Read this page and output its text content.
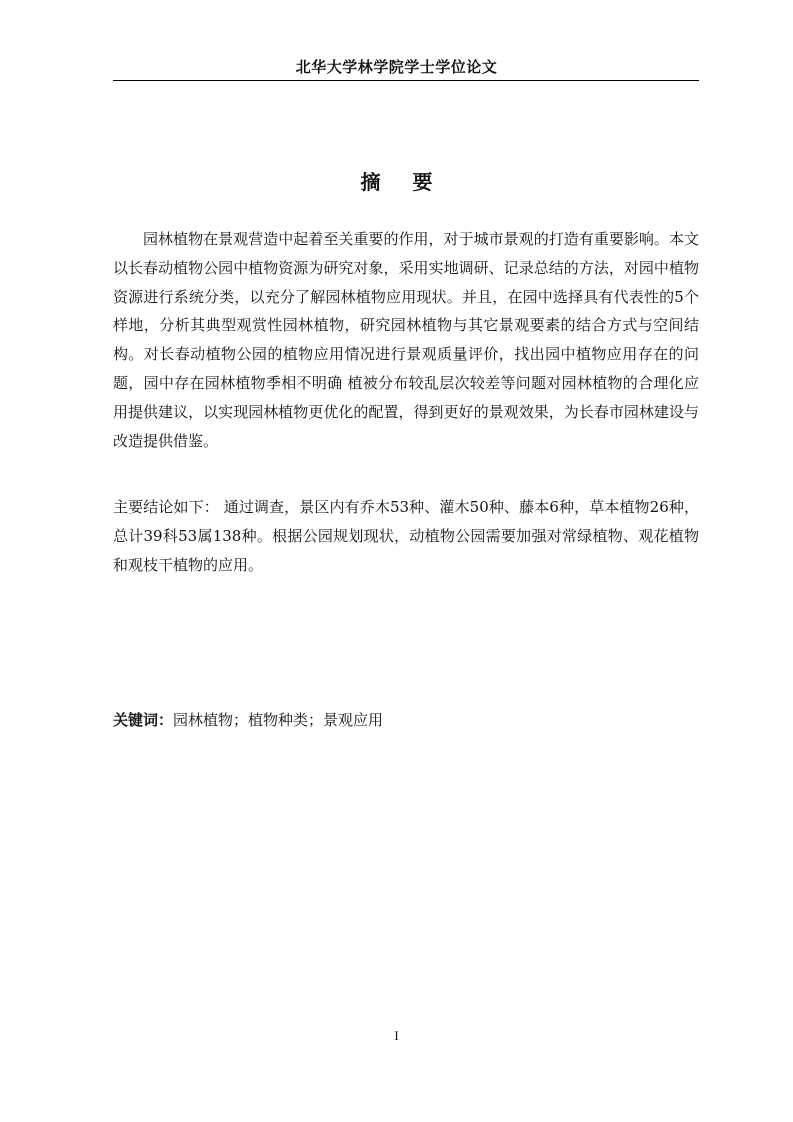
北华大学林学院学士学位论文
摘 要

园林植物在景观营造中起着至关重要的作用，对于城市景观的打造有重要影响。本文以长春动植物公园中植物资源为研究对象，采用实地调研、记录总结的方法，对园中植物资源进行系统分类，以充分了解园林植物应用现状。并且，在园中选择具有代表性的5个样地，分析其典型观赏性园林植物，研究园林植物与其它景观要素的结合方式与空间结构。对长春动植物公园的植物应用情况进行景观质量评价，找出园中植物应用存在的问题，园中存在园林植物季相不明确 植被分布较乱层次较差等问题对园林植物的合理化应用提供建议，以实现园林植物更优化的配置，得到更好的景观效果，为长春市园林建设与改造提供借鉴。

主要结论如下： 通过调查，景区内有乔木53种、灌木50种、藤本6种，草本植物26种，总计39科53属138种。根据公园规划现状，动植物公园需要加强对常绿植物、观花植物和观枝干植物的应用。

关键词：园林植物；植物种类；景观应用

I
